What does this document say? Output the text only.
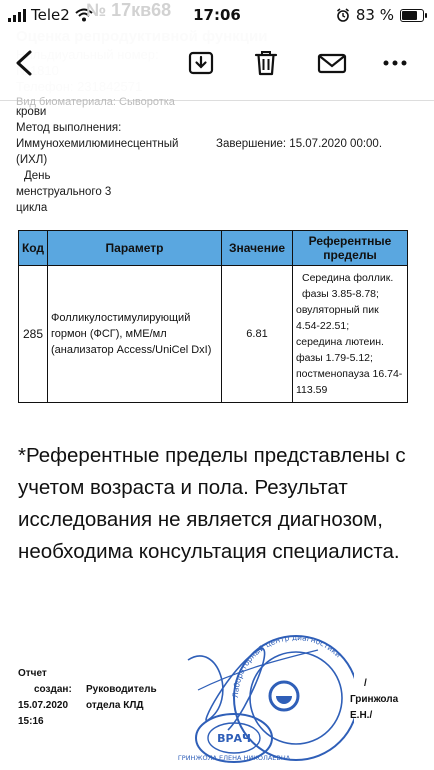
Tele2	17:06	83 %
№ 17кв68
Вид биоматериала: Сыворотка
крови
Метод выполнения:
Иммунохемилюминесцентный	Завершение: 15.07.2020 00:00.
(ИХЛ)
День
менструального 3
цикла
Код	Параметр	Значение	Референтные пределы
285	Фолликулостимулирующий гормон (ФСГ), мМЕ/мл (анализатор Access/UniCel DxI)	6.81	Середина фоллик. фазы 3.85-8.78;
овуляторный пик 4.54-22.51;
середина лютеин. фазы 1.79-5.12;
постменопауза 16.74-113.59
*Референтные пределы представлены с учетом возраста и пола. Результат исследования не является диагнозом, необходима консультация специалиста.
Отчет
создан:
15.07.2020
15:16
Руководитель
отдела КЛД
Лабораторный центр диагностики
ВРАЧ
ГРИНЖОЛА ЕЛЕНА НИКОЛАЕВНА
/
Гринжола
Е.Н./
